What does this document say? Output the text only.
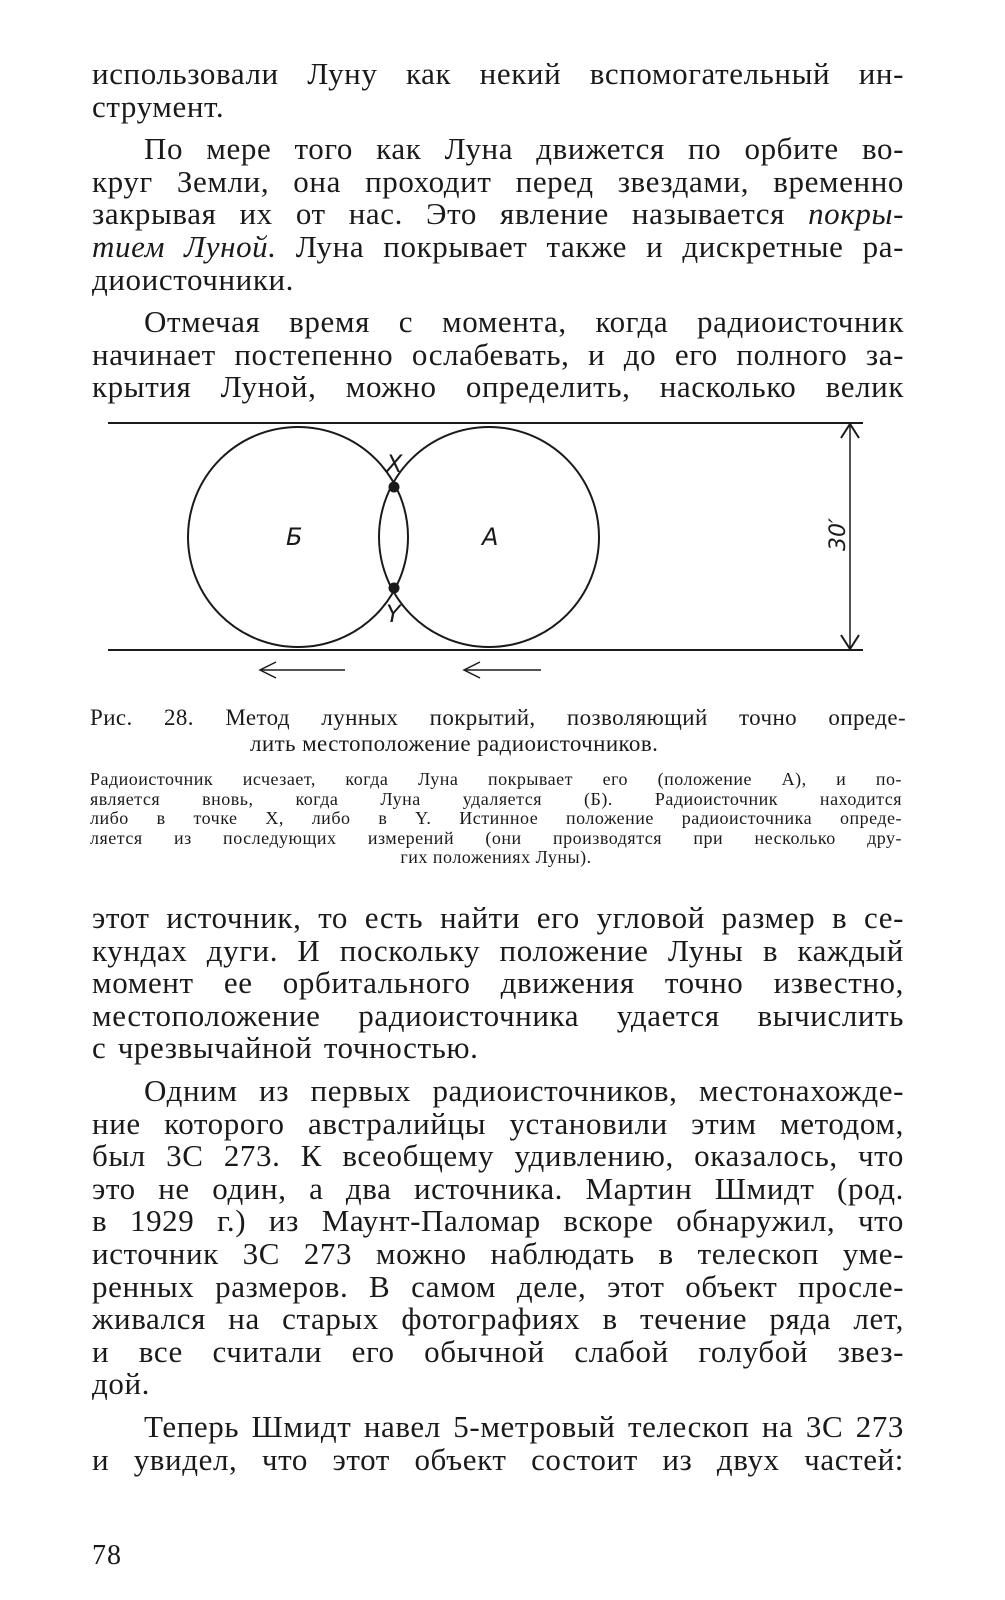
использовали Луну как некий вспомогательный ин-
струмент.

По мере того как Луна движется по орбите во-
круг Земли, она проходит перед звездами, временно
закрывая их от нас. Это явление называется покры-
тием Луной. Луна покрывает также и дискретные ра-
диоисточники.

Отмечая время с момента, когда радиоисточник
начинает постепенно ослабевать, и до его полного за-
крытия Луной, можно определить, насколько велик

Б	А
X
Y
30′
Рис. 28. Метод лунных покрытий, позволяющий точно опреде-
лить местоположение радиоисточников.
Радиоисточник исчезает, когда Луна покрывает его (положение А), и по-
является вновь, когда Луна удаляется (Б). Радиоисточник находится
либо в точке X, либо в Y. Истинное положение радиоисточника опреде-
ляется из последующих измерений (они производятся при несколько дру-
гих положениях Луны).

этот источник, то есть найти его угловой размер в се-
кундах дуги. И поскольку положение Луны в каждый
момент ее орбитального движения точно известно,
местоположение радиоисточника удается вычислить
с чрезвычайной точностью.

Одним из первых радиоисточников, местонахожде-
ние которого австралийцы установили этим методом,
был 3С 273. К всеобщему удивлению, оказалось, что
это не один, а два источника. Мартин Шмидт (род.
в 1929 г.) из Маунт-Паломар вскоре обнаружил, что
источник 3С 273 можно наблюдать в телескоп уме-
ренных размеров. В самом деле, этот объект просле-
живался на старых фотографиях в течение ряда лет,
и все считали его обычной слабой голубой звез-
дой.

Теперь Шмидт навел 5-метровый телескоп на 3С 273
и увидел, что этот объект состоит из двух частей:

78
